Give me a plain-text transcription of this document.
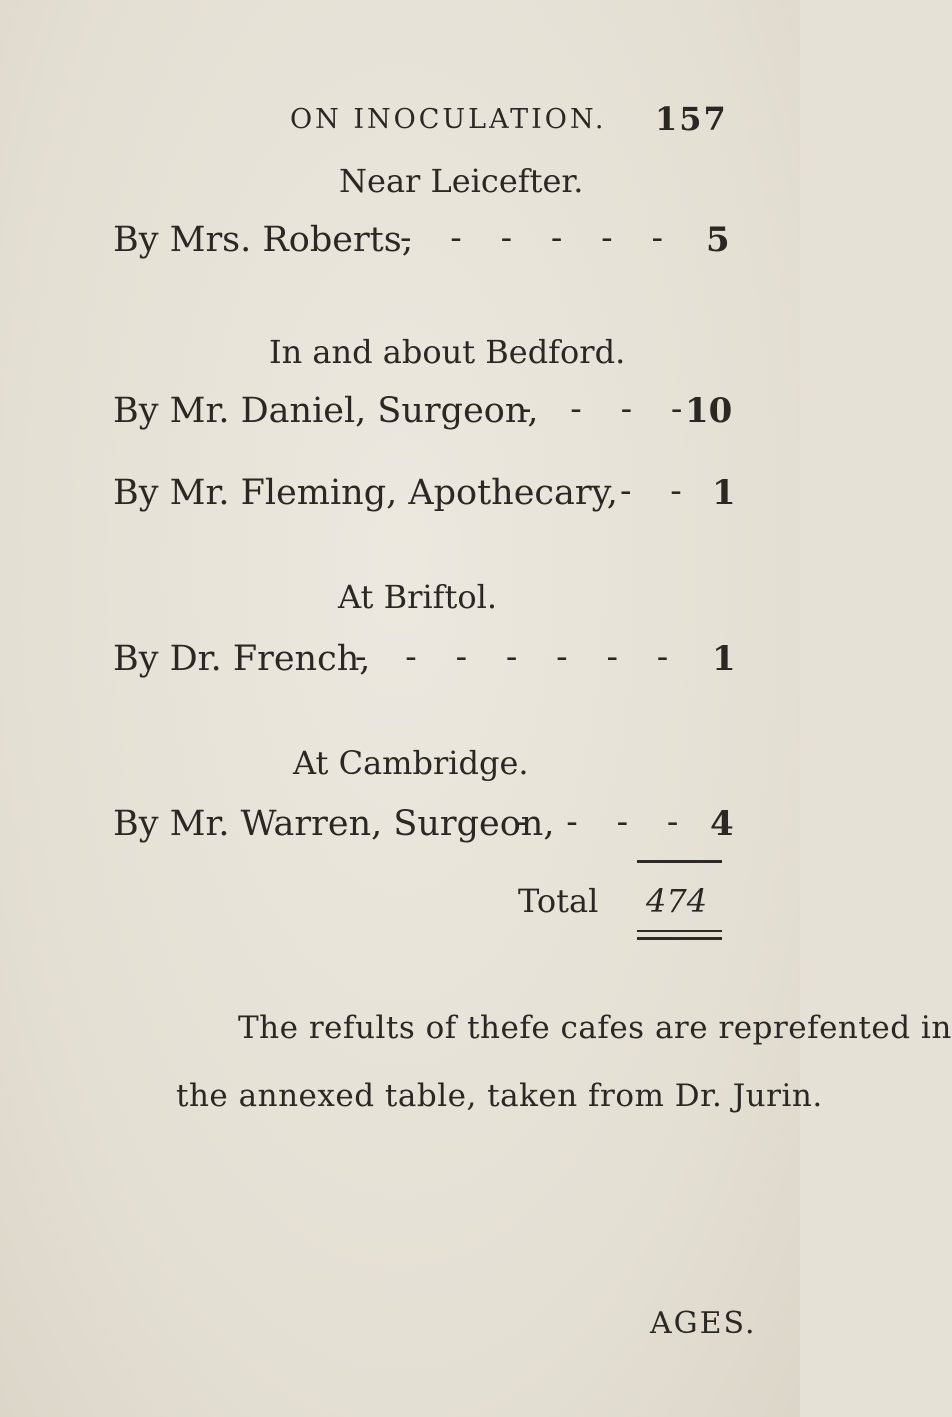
ON INOCULATION. 157
Near Leicefter.
By Mrs. Roberts,
- - - - - - 5
In and about Bedford.
By Mr. Daniel, Surgeon,
- - - -
10
By Mr. Fleming, Apothecary, - - 1
At Briftol.
By Dr. French,
- - - - - - - 1
At Cambridge.
By Mr. Warren, Surgeon,
- - - - 4
Total 474
The refults of thefe cafes are reprefented in
the annexed table, taken from Dr. Jurin.
AGES.
